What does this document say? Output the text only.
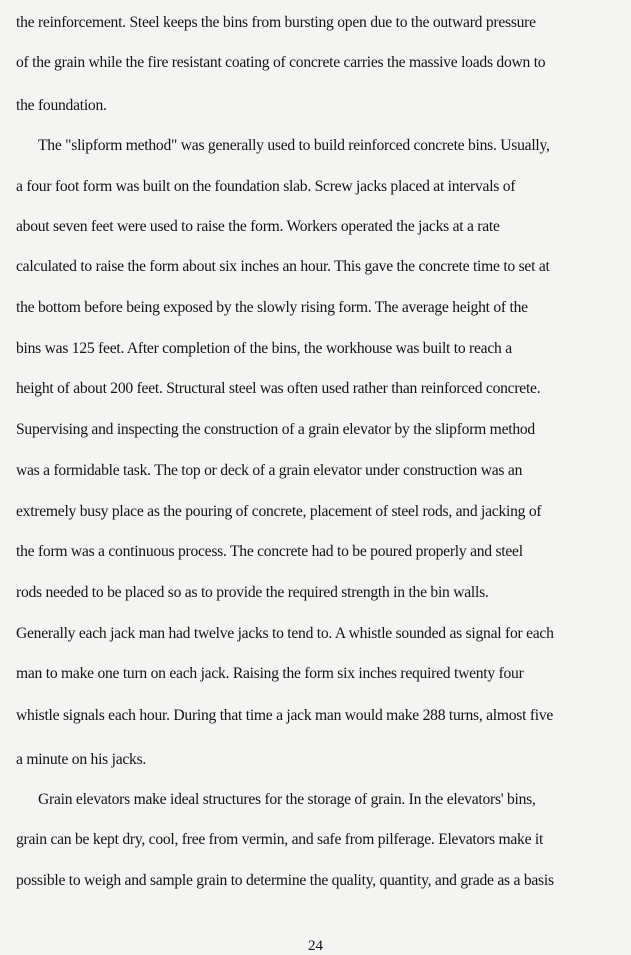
the reinforcement. Steel keeps the bins from bursting open due to the outward pressure
of the grain while the fire resistant coating of concrete carries the massive loads down to
the foundation.
The "slipform method" was generally used to build reinforced concrete bins. Usually,
a four foot form was built on the foundation slab. Screw jacks placed at intervals of
about seven feet were used to raise the form. Workers operated the jacks at a rate
calculated to raise the form about six inches an hour. This gave the concrete time to set at
the bottom before being exposed by the slowly rising form. The average height of the
bins was 125 feet. After completion of the bins, the workhouse was built to reach a
height of about 200 feet. Structural steel was often used rather than reinforced concrete.
Supervising and inspecting the construction of a grain elevator by the slipform method
was a formidable task. The top or deck of a grain elevator under construction was an
extremely busy place as the pouring of concrete, placement of steel rods, and jacking of
the form was a continuous process. The concrete had to be poured properly and steel
rods needed to be placed so as to provide the required strength in the bin walls.
Generally each jack man had twelve jacks to tend to. A whistle sounded as signal for each
man to make one turn on each jack. Raising the form six inches required twenty four
whistle signals each hour. During that time a jack man would make 288 turns, almost five
a minute on his jacks.
Grain elevators make ideal structures for the storage of grain. In the elevators' bins,
grain can be kept dry, cool, free from vermin, and safe from pilferage. Elevators make it
possible to weigh and sample grain to determine the quality, quantity, and grade as a basis
24
